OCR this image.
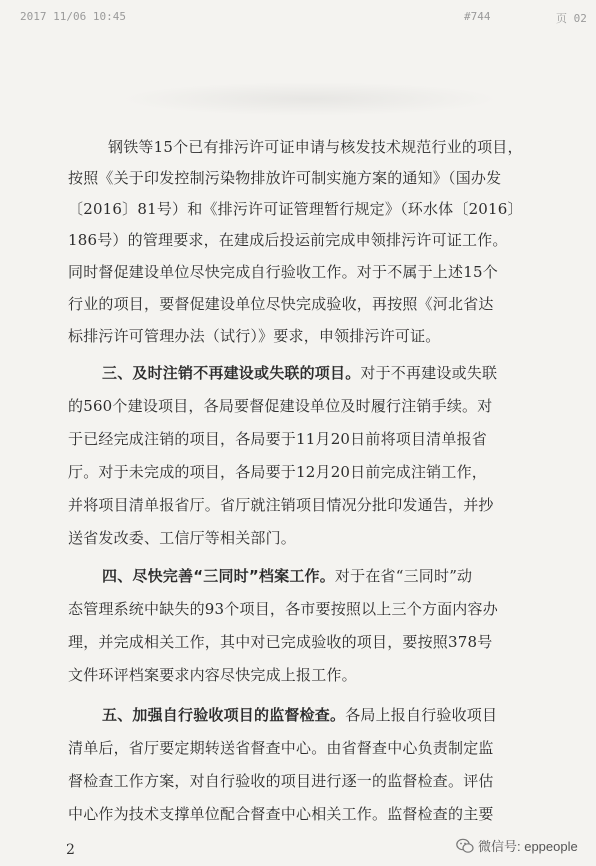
2017 11/06 10:45	#744	页 02
钢铁等15个已有排污许可证申请与核发技术规范行业的项目，
按照《关于印发控制污染物排放许可制实施方案的通知》（国办发
〔2016〕81号）和《排污许可证管理暂行规定》（环水体〔2016〕
186号）的管理要求，在建成后投运前完成申领排污许可证工作。
同时督促建设单位尽快完成自行验收工作。对于不属于上述15个
行业的项目，要督促建设单位尽快完成验收，再按照《河北省达
标排污许可管理办法（试行）》要求，申领排污许可证。
三、及时注销不再建设或失联的项目。对于不再建设或失联
的560个建设项目，各局要督促建设单位及时履行注销手续。对
于已经完成注销的项目，各局要于11月20日前将项目清单报省
厅。对于未完成的项目，各局要于12月20日前完成注销工作，
并将项目清单报省厅。省厅就注销项目情况分批印发通告，并抄
送省发改委、工信厅等相关部门。
四、尽快完善“三同时”档案工作。对于在省“三同时”动
态管理系统中缺失的93个项目，各市要按照以上三个方面内容办
理，并完成相关工作，其中对已完成验收的项目，要按照378号
文件环评档案要求内容尽快完成上报工作。
五、加强自行验收项目的监督检查。各局上报自行验收项目
清单后，省厅要定期转送省督查中心。由省督查中心负责制定监
督检查工作方案，对自行验收的项目进行逐一的监督检查。评估
中心作为技术支撑单位配合督查中心相关工作。监督检查的主要
2	微信号: eppeople
